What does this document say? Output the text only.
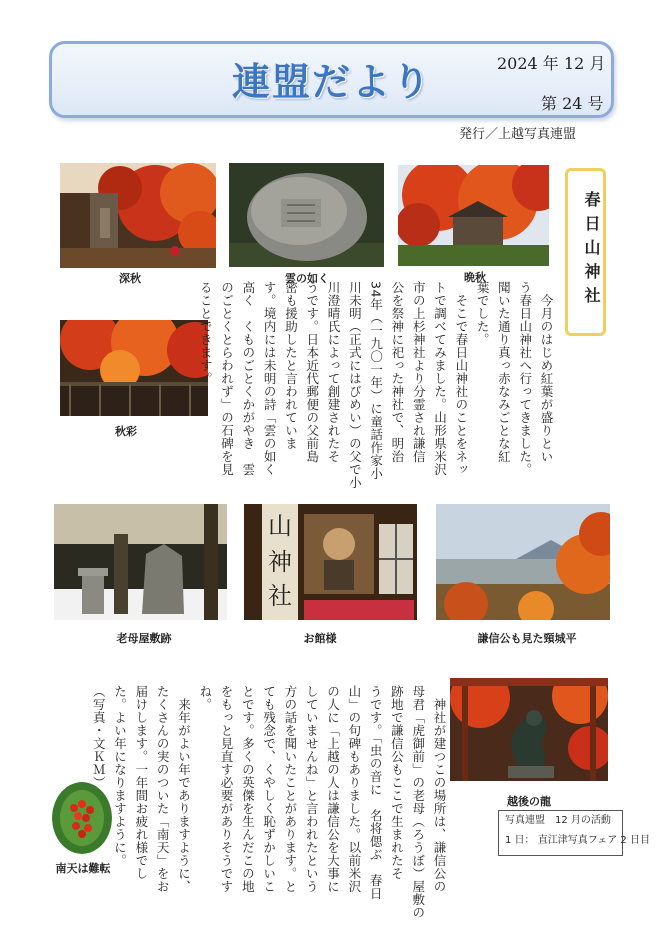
連盟だより	2024 年 12 月
第 24 号
発行／上越写真連盟
深秋	雲の如く	晩秋	春日山神社
秋彩	　今月のはじめ紅葉が盛りとい
う春日山神社へ行ってきました。
聞いた通り真っ赤なみごとな紅
葉でした。
　そこで春日山神社のことをネッ
トで調べてみました。山形県米沢
市の上杉神社より分霊され謙信
公を祭神に祀った神社で、明治
34年（一九〇一年）に童話作家小
川未明（正式にはびめい）の父で小
川澄晴氏によって創建されたそ
うです。日本近代郵便の父前島
密も援助したと言われていま
す。境内には未明の詩「雲の如く
高く　くものごとくかがやき　雲
のごとくとらわれず」の石碑を見
ることできます。
老母屋敷跡
山
神
社
お館様	謙信公も見た頸城平
　神社が建つこの場所は、謙信公の
母君「虎御前」の老母（ろうぼ）屋敷の
跡地で謙信公もここで生まれたそ
うです。「虫の音に　名将偲ぶ　春日
山」の句碑もありました。以前米沢
の人に「上越の人は謙信公を大事に
していませんね」と言われたという
方の話を聞いたことがあります。と
ても残念で、くやしく恥ずかしいこ
とです。多くの英傑を生んだこの地
をもっと見直す必要がありそうです
ね。
　来年がよい年でありますように、
たくさんの実のついた「南天」をお
届けします。一年間お疲れ様でし
た。よい年になりますように。
（写真・文ＫＭ）
越後の龍
写真連盟　12 月の活動
1 日： 直江津写真フェア 2 日目
南天は難転
